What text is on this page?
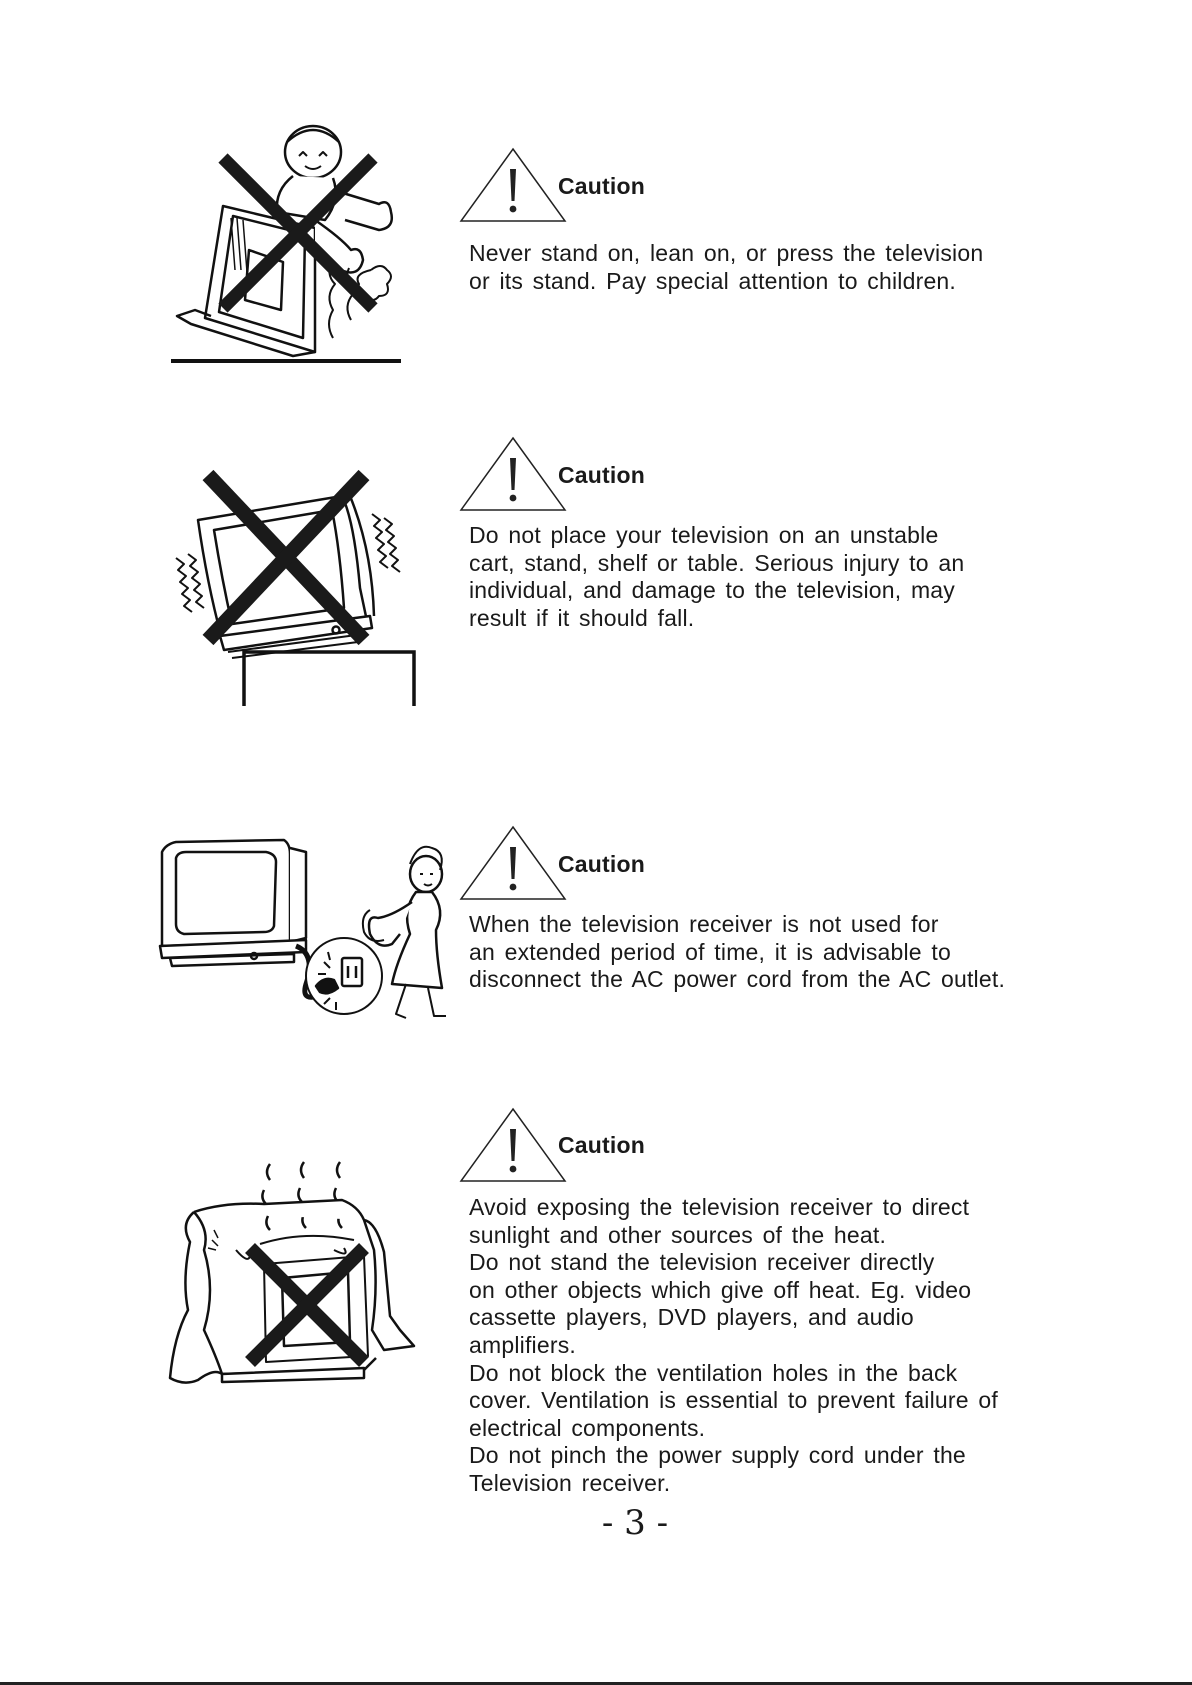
Caution
Never stand on, lean on, or press the television
or its stand. Pay special attention to children.
Caution
Do not place your television on an unstable
cart, stand, shelf or table. Serious injury to an
individual, and damage to the television, may
result if it should fall.
Caution
When the television receiver is not used for
an extended period of time, it is advisable to
disconnect the AC power cord from the AC outlet.
Caution
Avoid exposing the television receiver to direct
sunlight and other sources of the heat.
Do not stand the television receiver directly
on other objects which give off heat. Eg. video
cassette players, DVD players, and audio
amplifiers.
Do not block the ventilation holes in the back
cover. Ventilation is essential to prevent failure of
electrical components.
Do not pinch the power supply cord under the
Television receiver.
- 3 -
